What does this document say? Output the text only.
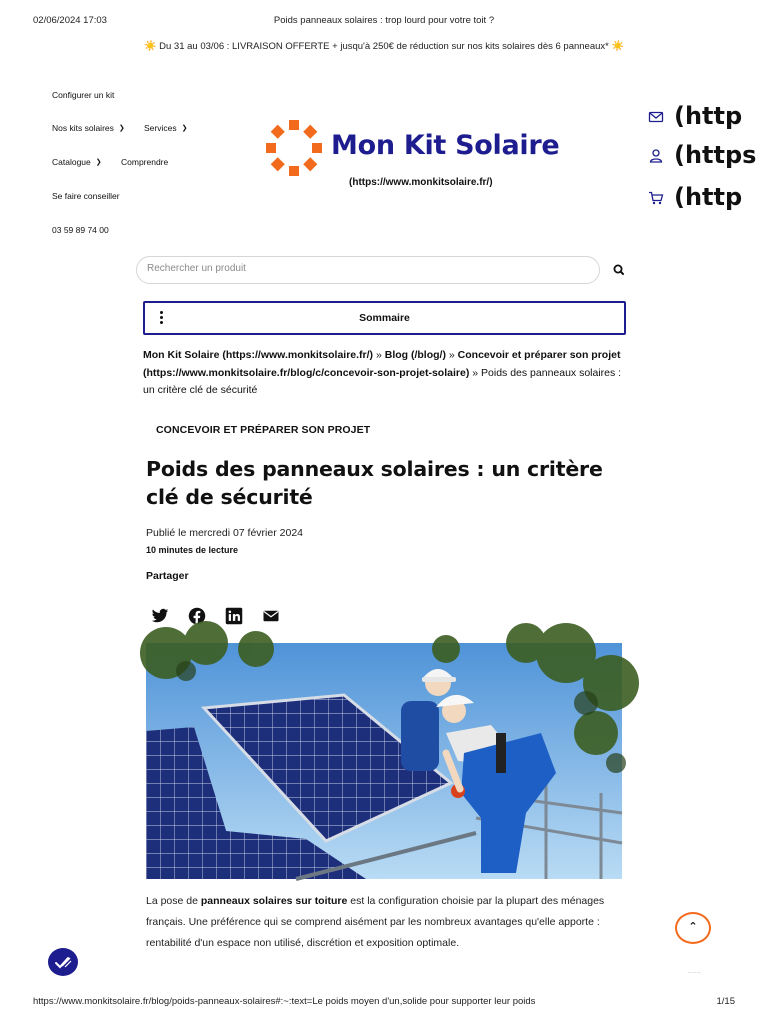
02/06/2024 17:03	Poids panneaux solaires : trop lourd pour votre toit ?
☀️ Du 31 au 03/06 : LIVRAISON OFFERTE + jusqu'à 250€ de réduction sur nos kits solaires dès 6 panneaux* ☀️
Configurer un kit
Nos kits solaires ❯ Services ❯
Catalogue ❯ Comprendre
Se faire conseiller
03 59 89 74 00
Mon Kit Solaire
(https://www.monkitsolaire.fr/)
(http
(https
(http
Rechercher un produit
Sommaire
Mon Kit Solaire (https://www.monkitsolaire.fr/) » Blog (/blog/) » Concevoir et préparer son projet (https://www.monkitsolaire.fr/blog/c/concevoir-son-projet-solaire) » Poids des panneaux solaires : un critère clé de sécurité
CONCEVOIR ET PRÉPARER SON PROJET
Poids des panneaux solaires : un critère clé de sécurité
Publié le mercredi 07 février 2024
10 minutes de lecture
Partager

La pose de panneaux solaires sur toiture est la configuration choisie par la plupart des ménages français. Une préférence qui se comprend aisément par les nombreux avantages qu'elle apporte : rentabilité d'un espace non utilisé, discrétion et exposition optimale.

⌃
— — —
https://www.monkitsolaire.fr/blog/poids-panneaux-solaires#:~:text=Le poids moyen d'un,solide pour supporter leur poids	1/15
